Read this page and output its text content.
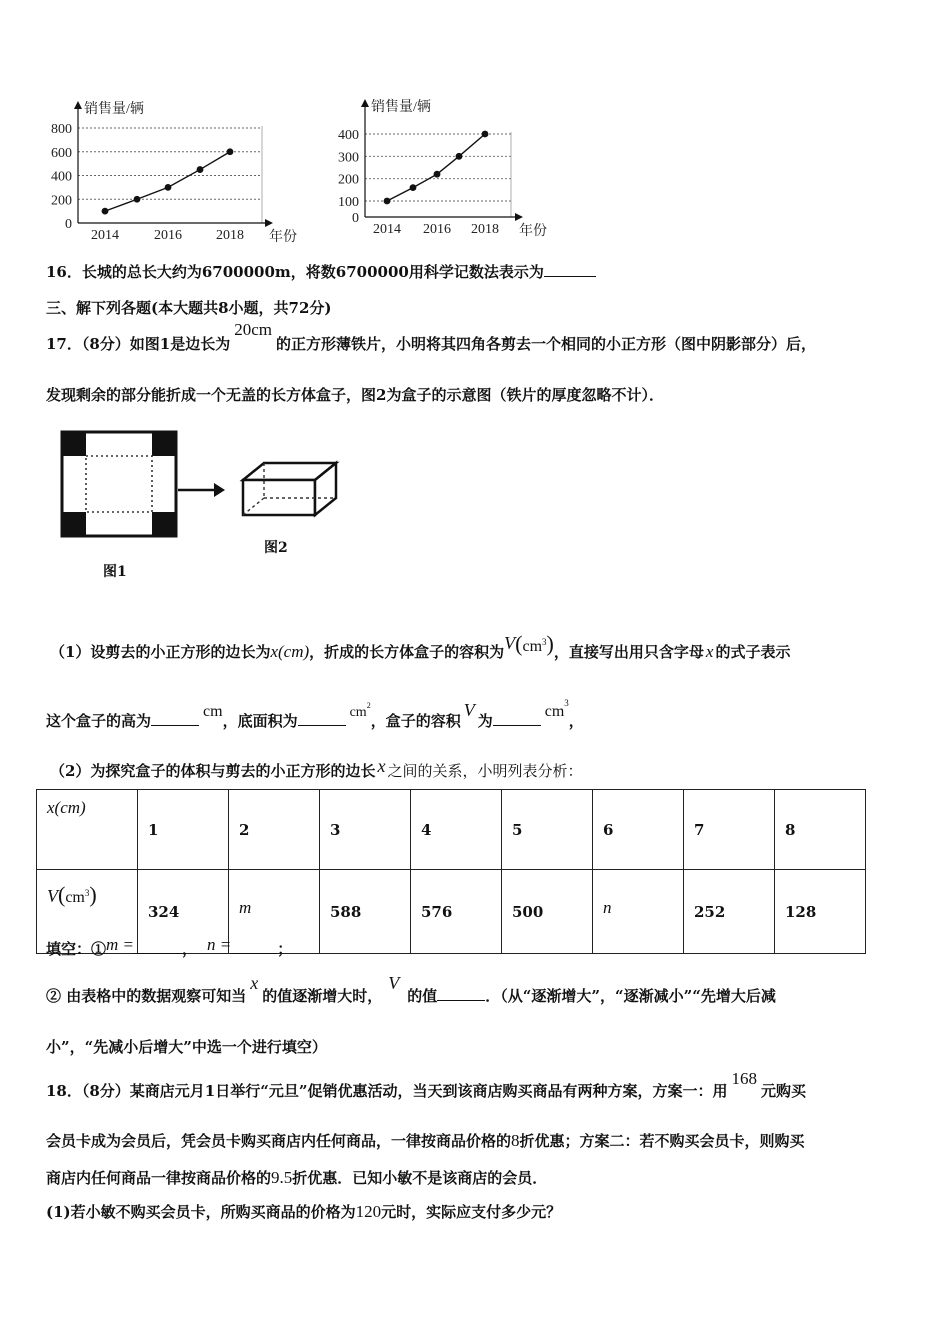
0
200
400
600
800
销售量/辆
年份
2014	2016 2018
0
100
200
300
400
销售量/辆
年份
2014 2016 2018
16．长城的总长大约为6700000m，将数6700000用科学记数法表示为
三、解下列各题(本大题共8小题，共72分)
17．（8分）如图1是边长为20cm的正方形薄铁片，小明将其四角各剪去一个相同的小正方形（图中阴影部分）后，
发现剩余的部分能折成一个无盖的长方体盒子，图2为盒子的示意图（铁片的厚度忽略不计）．
图1
图2
（1）设剪去的小正方形的边长为x(cm)，折成的长方体盒子的容积为$V(cm^3)$，直接写出用只含字母 x 的式子表示
这个盒子的高为cm，底面积为	$cm^2$，盒子的容积V为$cm^3$，
（2）为探究盒子的体积与剪去的小正方形的边长 x 之间的关系，小明列表分析：
x(cm)	1	2	3	4	5	6	7	8
$V(cm^3)$	324	m	588	576	500	n	252	128
填空：①m =	， n =	；
② 由表格中的数据观察可知当x的值逐渐增大时，V的值	．（从“逐渐增大”，“逐渐减小”“先增大后减
小”，“先减小后增大”中选一个进行填空）
18．（8分）某商店元月1日举行“元旦”促销优惠活动，当天到该商店购买商品有两种方案，方案一：用168元购买
会员卡成为会员后，凭会员卡购买商店内任何商品，一律按商品价格的8折优惠；方案二：若不购买会员卡，则购买
商店内任何商品一律按商品价格的9.5折优惠．已知小敏不是该商店的会员．
(1)若小敏不购买会员卡，所购买商品的价格为120元时，实际应支付多少元？
